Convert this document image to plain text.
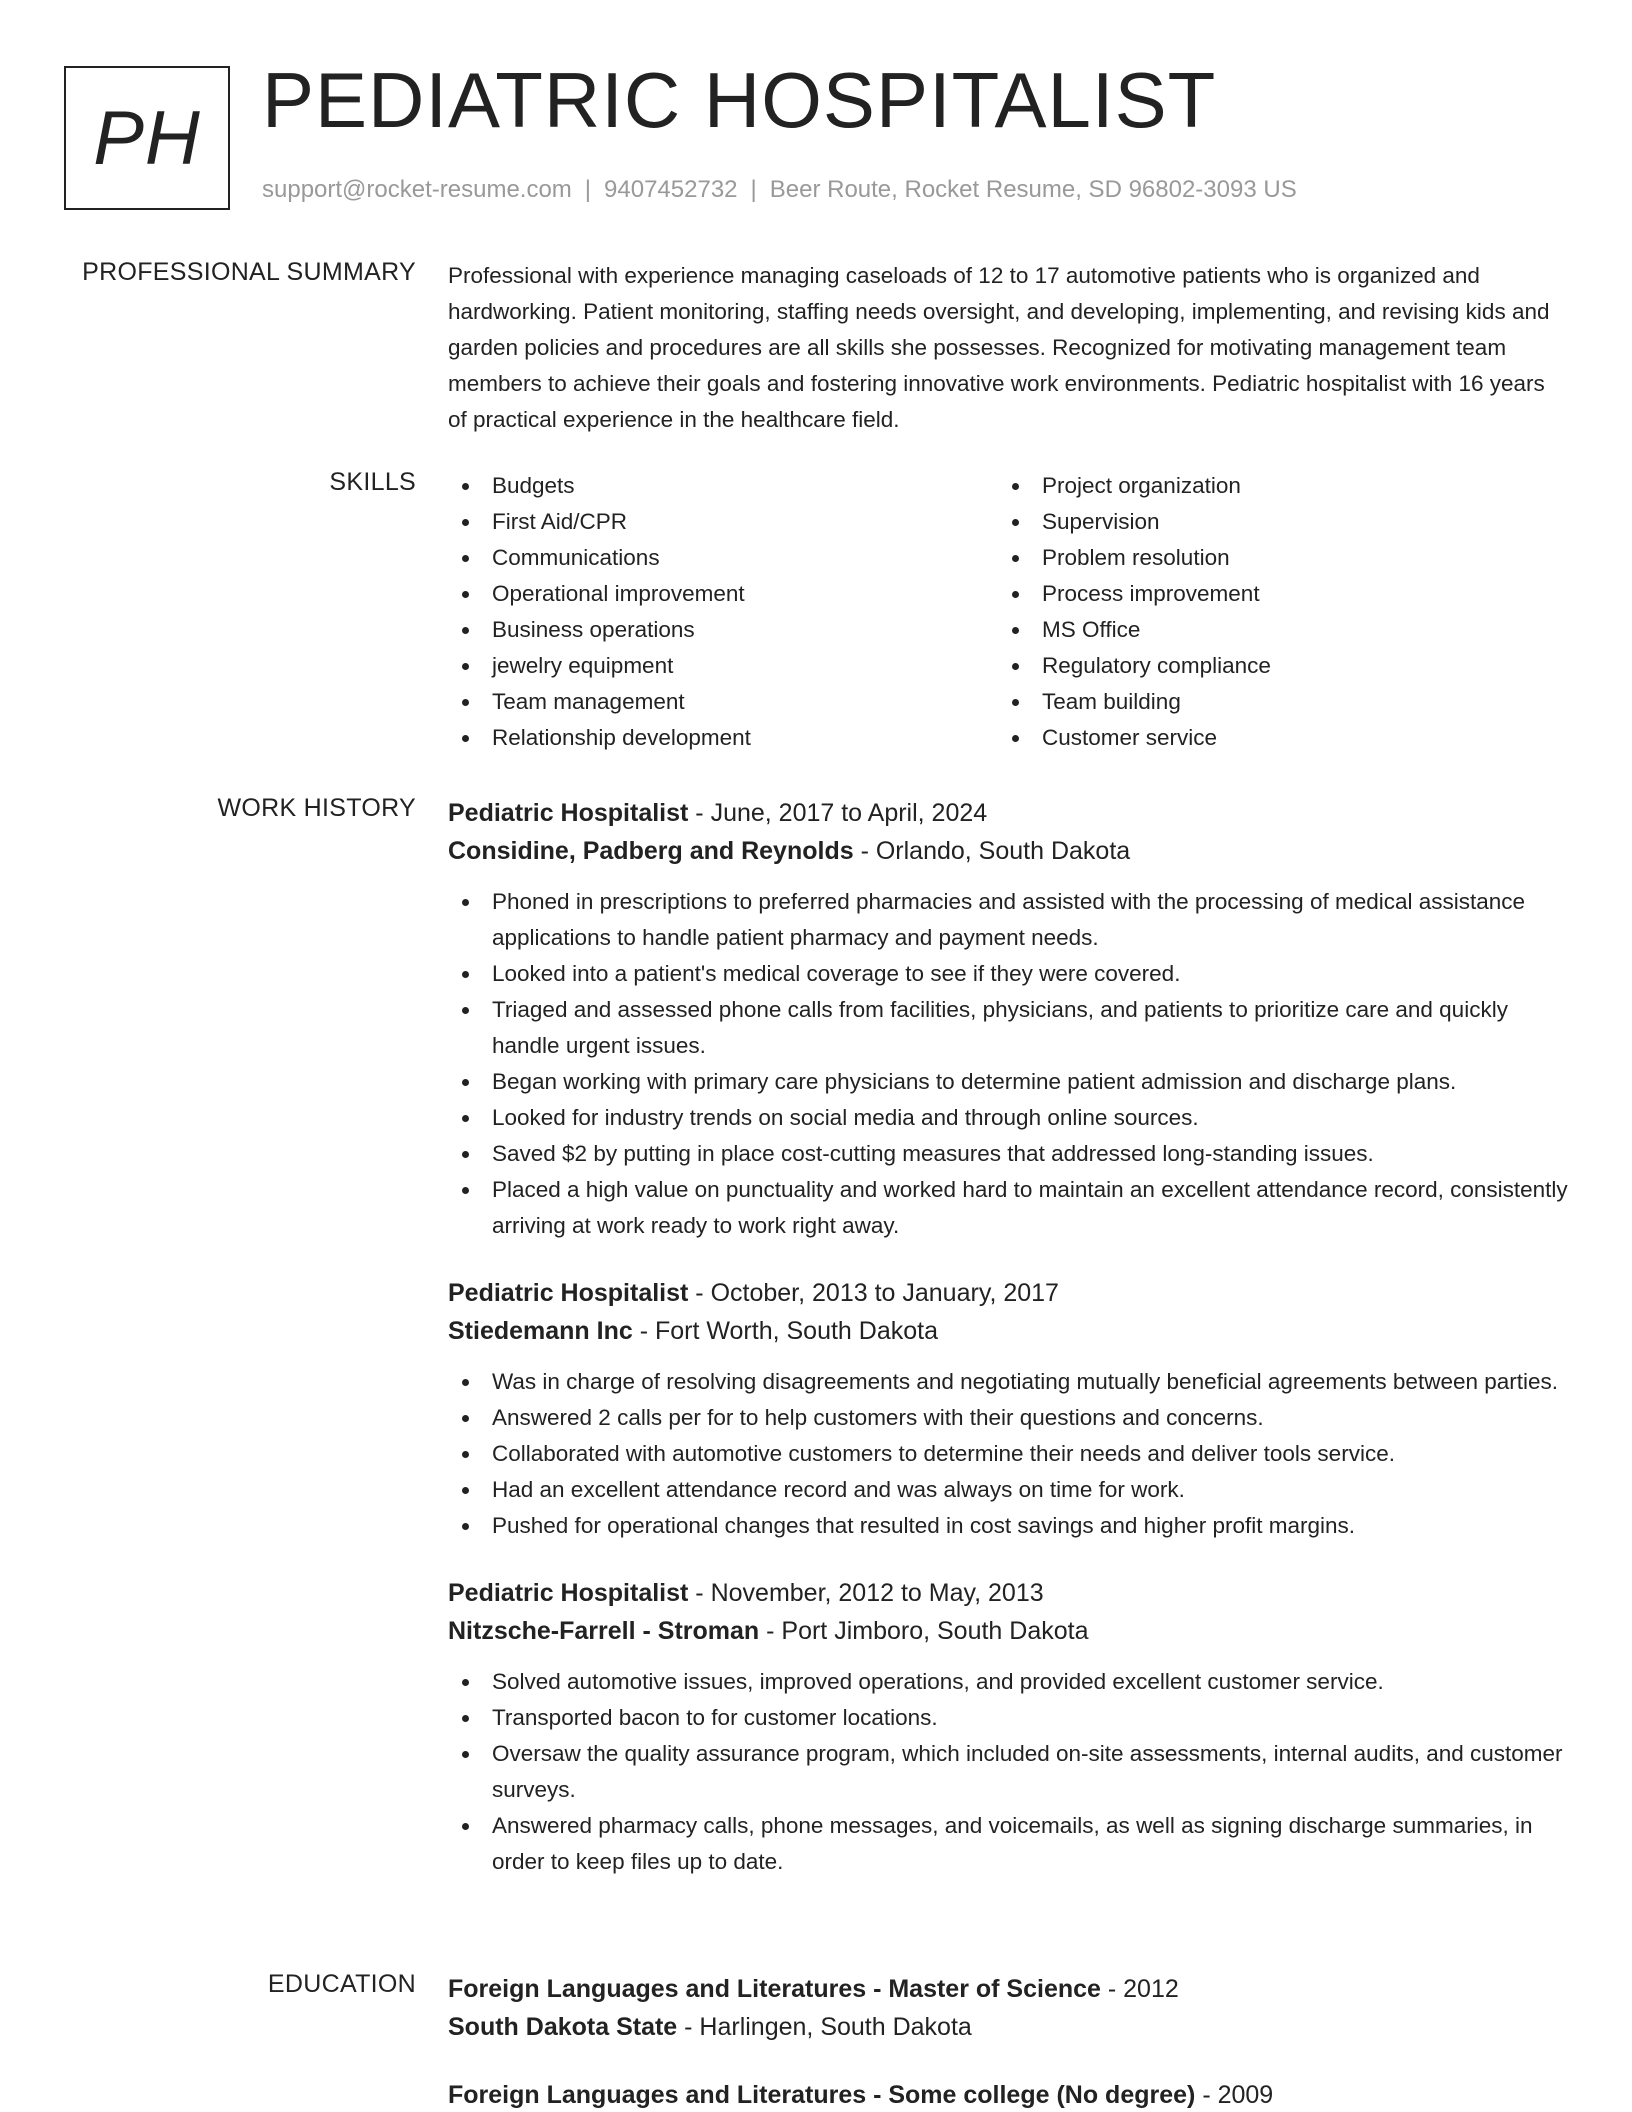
PH PEDIATRIC HOSPITALIST
support@rocket-resume.com | 9407452732 | Beer Route, Rocket Resume, SD 96802-3093 US
PROFESSIONAL SUMMARY Professional with experience managing caseloads of 12 to 17 automotive patients who is organized and hardworking. Patient monitoring, staffing needs oversight, and developing, implementing, and revising kids and garden policies and procedures are all skills she possesses. Recognized for motivating management team members to achieve their goals and fostering innovative work environments. Pediatric hospitalist with 16 years of practical experience in the healthcare field.

SKILLS	Budgets
First Aid/CPR
Communications
Operational improvement
Business operations
jewelry equipment
Team management
Relationship development
Project organization
Supervision
Problem resolution
Process improvement
MS Office
Regulatory compliance
Team building
Customer service
WORK HISTORY Pediatric Hospitalist - June, 2017 to April, 2024
Considine, Padberg and Reynolds - Orlando, South Dakota
Phoned in prescriptions to preferred pharmacies and assisted with the processing of medical assistance applications to handle patient pharmacy and payment needs.
Looked into a patient's medical coverage to see if they were covered.
Triaged and assessed phone calls from facilities, physicians, and patients to prioritize care and quickly handle urgent issues.
Began working with primary care physicians to determine patient admission and discharge plans.
Looked for industry trends on social media and through online sources.
Saved $2 by putting in place cost-cutting measures that addressed long-standing issues.
Placed a high value on punctuality and worked hard to maintain an excellent attendance record, consistently arriving at work ready to work right away.
Pediatric Hospitalist - October, 2013 to January, 2017
Stiedemann Inc - Fort Worth, South Dakota
Was in charge of resolving disagreements and negotiating mutually beneficial agreements between parties.
Answered 2 calls per for to help customers with their questions and concerns.
Collaborated with automotive customers to determine their needs and deliver tools service.
Had an excellent attendance record and was always on time for work.
Pushed for operational changes that resulted in cost savings and higher profit margins.
Pediatric Hospitalist - November, 2012 to May, 2013
Nitzsche-Farrell - Stroman - Port Jimboro, South Dakota
Solved automotive issues, improved operations, and provided excellent customer service.
Transported bacon to for customer locations.
Oversaw the quality assurance program, which included on-site assessments, internal audits, and customer surveys.
Answered pharmacy calls, phone messages, and voicemails, as well as signing discharge summaries, in order to keep files up to date.
EDUCATION Foreign Languages and Literatures - Master of Science - 2012
South Dakota State - Harlingen, South Dakota
Foreign Languages and Literatures - Some college (No degree) - 2009
